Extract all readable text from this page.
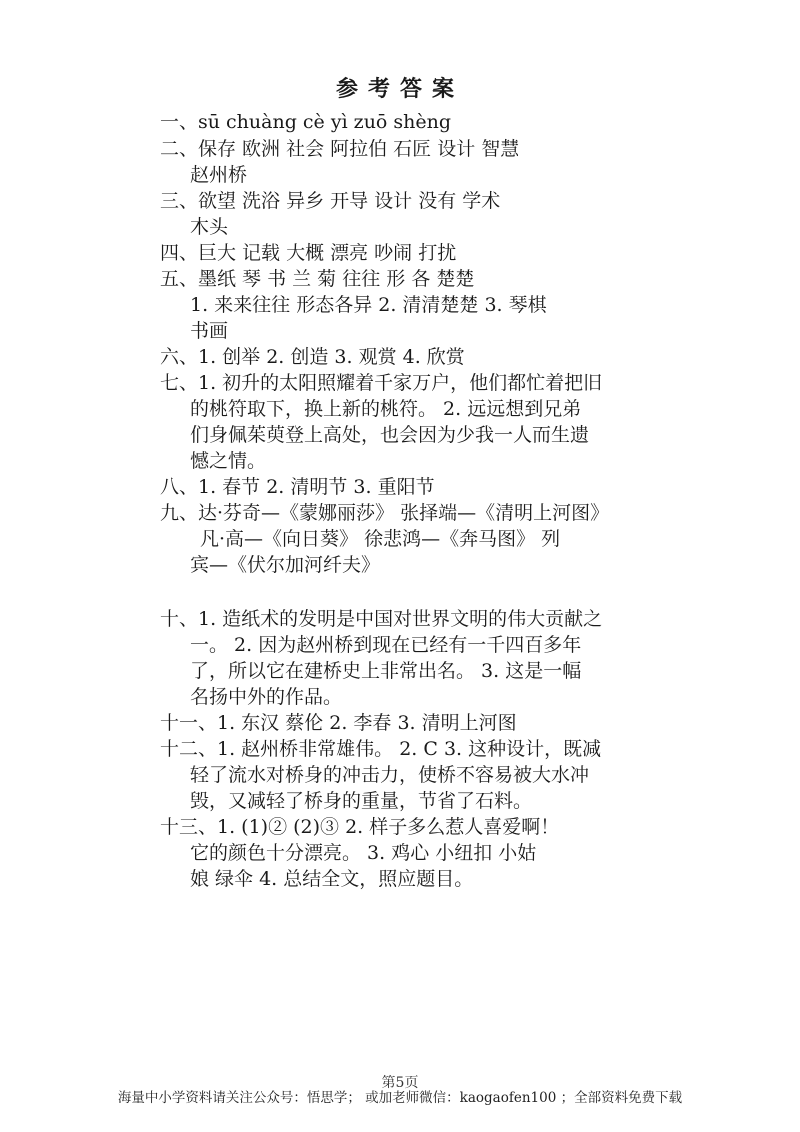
参考答案
一、sū chuàng cè yì zuō shèng
二、保存 欧洲 社会 阿拉伯 石匠 设计 智慧
赵州桥
三、欲望 洗浴 异乡 开导 设计 没有 学术
木头
四、巨大 记载 大概 漂亮 吵闹 打扰
五、墨纸 琴 书 兰 菊 往往 形 各 楚楚
1. 来来往往 形态各异 2. 清清楚楚 3. 琴棋
书画
六、1. 创举 2. 创造 3. 观赏 4. 欣赏
七、1. 初升的太阳照耀着千家万户，他们都忙着把旧
的桃符取下，换上新的桃符。 2. 远远想到兄弟
们身佩茱萸登上高处，也会因为少我一人而生遗
憾之情。
八、1. 春节 2. 清明节 3. 重阳节
九、达·芬奇—《蒙娜丽莎》 张择端—《清明上河图》
凡·高—《向日葵》 徐悲鸿—《奔马图》 列
宾—《伏尔加河纤夫》
十、1. 造纸术的发明是中国对世界文明的伟大贡献之
一。 2. 因为赵州桥到现在已经有一千四百多年
了，所以它在建桥史上非常出名。 3. 这是一幅
名扬中外的作品。
十一、1. 东汉 蔡伦 2. 李春 3. 清明上河图
十二、1. 赵州桥非常雄伟。 2. C 3. 这种设计，既减
轻了流水对桥身的冲击力，使桥不容易被大水冲
毁，又减轻了桥身的重量，节省了石料。
十三、1. (1)② (2)③ 2. 样子多么惹人喜爱啊！
它的颜色十分漂亮。 3. 鸡心 小纽扣 小姑
娘 绿伞 4. 总结全文，照应题目。
第5页
海量中小学资料请关注公众号：悟思学； 或加老师微信：kaogaofen100 ；全部资料免费下载
